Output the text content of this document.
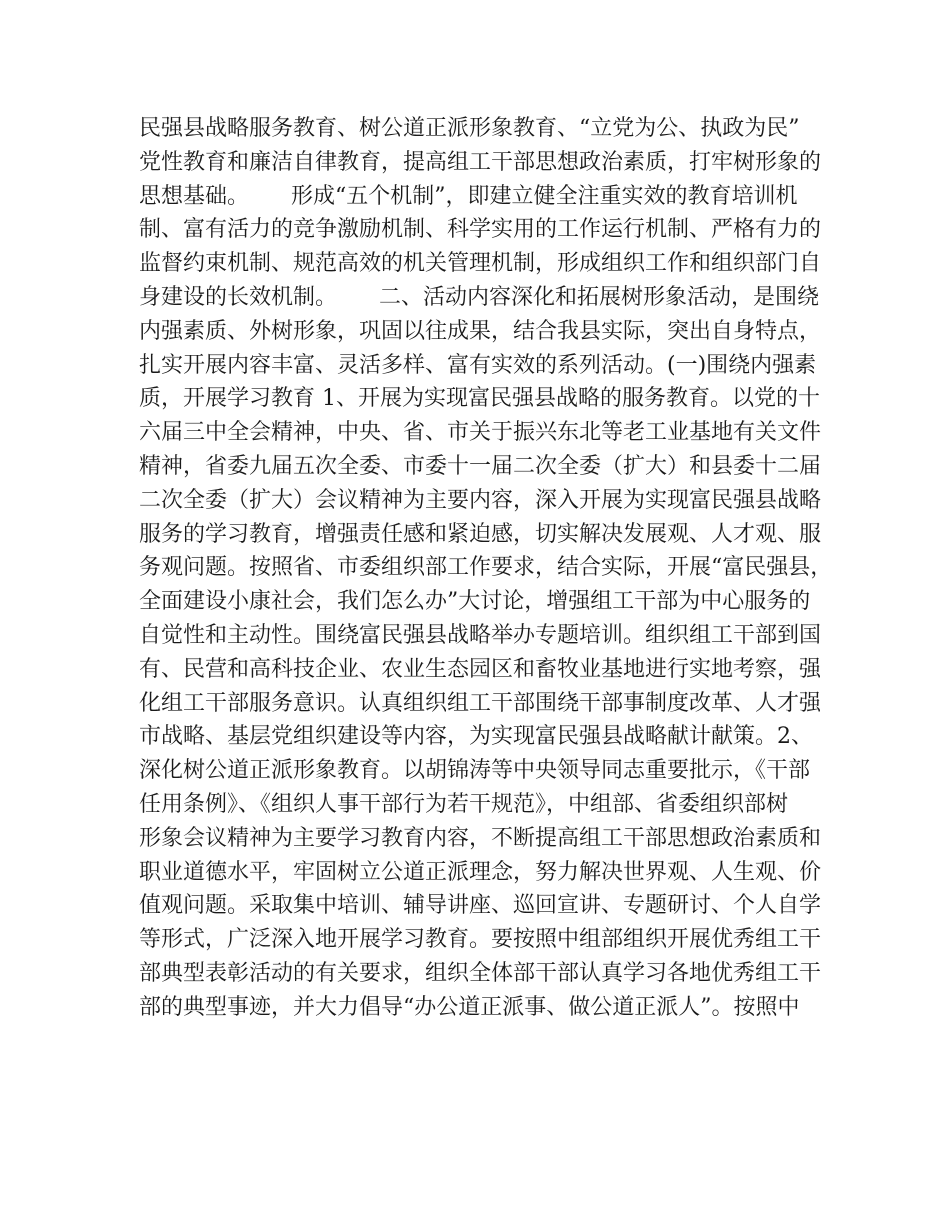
民强县战略服务教育、树公道正派形象教育、“立党为公、执政为民”
党性教育和廉洁自律教育，提高组工干部思想政治素质，打牢树形象的
思想基础。      形成“五个机制”，即建立健全注重实效的教育培训机
制、富有活力的竞争激励机制、科学实用的工作运行机制、严格有力的
监督约束机制、规范高效的机关管理机制，形成组织工作和组织部门自
身建设的长效机制。      二、活动内容深化和拓展树形象活动，是围绕
内强素质、外树形象，巩固以往成果，结合我县实际，突出自身特点，
扎实开展内容丰富、灵活多样、富有实效的系列活动。(一)围绕内强素
质，开展学习教育 1、开展为实现富民强县战略的服务教育。以党的十
六届三中全会精神，中央、省、市关于振兴东北等老工业基地有关文件
精神，省委九届五次全委、市委十一届二次全委（扩大）和县委十二届
二次全委（扩大）会议精神为主要内容，深入开展为实现富民强县战略
服务的学习教育，增强责任感和紧迫感，切实解决发展观、人才观、服
务观问题。按照省、市委组织部工作要求，结合实际，开展“富民强县，
全面建设小康社会，我们怎么办”大讨论，增强组工干部为中心服务的
自觉性和主动性。围绕富民强县战略举办专题培训。组织组工干部到国
有、民营和高科技企业、农业生态园区和畜牧业基地进行实地考察，强
化组工干部服务意识。认真组织组工干部围绕干部事制度改革、人才强
市战略、基层党组织建设等内容，为实现富民强县战略献计献策。2、
深化树公道正派形象教育。以胡锦涛等中央领导同志重要批示，《干部
任用条例》、《组织人事干部行为若干规范》，中组部、省委组织部树
形象会议精神为主要学习教育内容，不断提高组工干部思想政治素质和
职业道德水平，牢固树立公道正派理念，努力解决世界观、人生观、价
值观问题。采取集中培训、辅导讲座、巡回宣讲、专题研讨、个人自学
等形式，广泛深入地开展学习教育。要按照中组部组织开展优秀组工干
部典型表彰活动的有关要求，组织全体部干部认真学习各地优秀组工干
部的典型事迹，并大力倡导“办公道正派事、做公道正派人”。按照中
